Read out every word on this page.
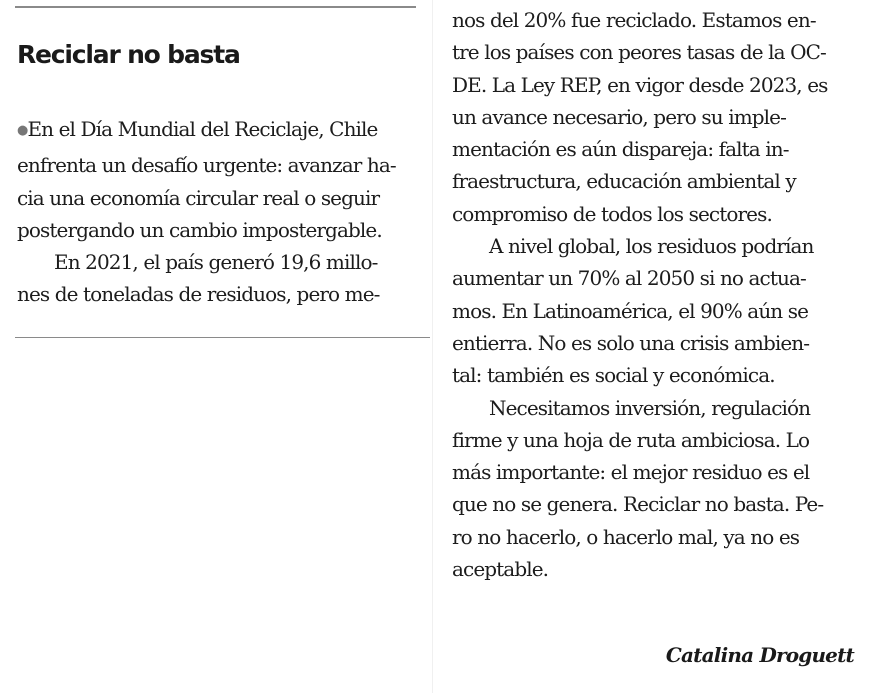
Reciclar no basta
●En el Día Mundial del Reciclaje, Chile
enfrenta un desafío urgente: avanzar ha-
cia una economía circular real o seguir
postergando un cambio impostergable.
En 2021, el país generó 19,6 millo-
nes de toneladas de residuos, pero me-
nos del 20% fue reciclado. Estamos en-
tre los países con peores tasas de la OC-
DE. La Ley REP, en vigor desde 2023, es
un avance necesario, pero su imple-
mentación es aún dispareja: falta in-
fraestructura, educación ambiental y
compromiso de todos los sectores.
A nivel global, los residuos podrían
aumentar un 70% al 2050 si no actua-
mos. En Latinoamérica, el 90% aún se
entierra. No es solo una crisis ambien-
tal: también es social y económica.
Necesitamos inversión, regulación
firme y una hoja de ruta ambiciosa. Lo
más importante: el mejor residuo es el
que no se genera. Reciclar no basta. Pe-
ro no hacerlo, o hacerlo mal, ya no es
aceptable.
Catalina Droguett
